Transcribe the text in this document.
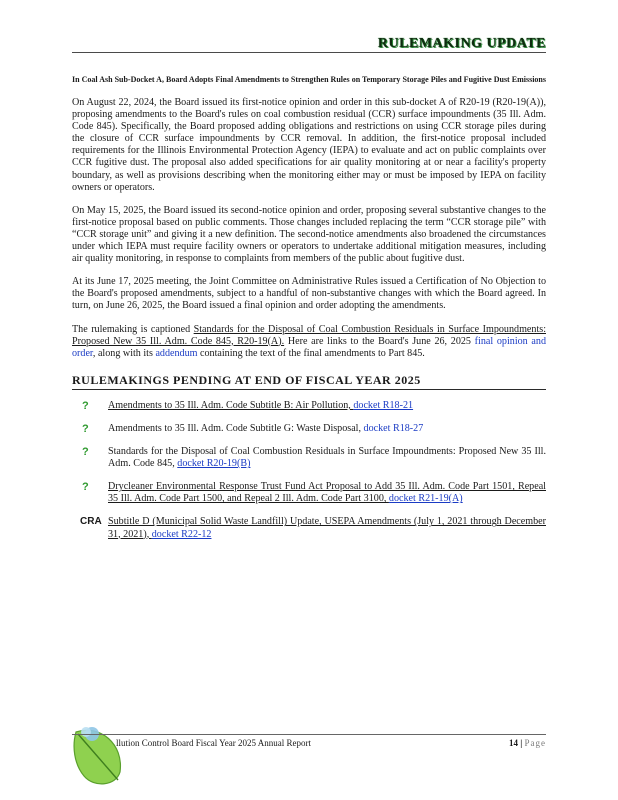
RULEMAKING UPDATE
In Coal Ash Sub-Docket A, Board Adopts Final Amendments to Strengthen Rules on Temporary Storage Piles and Fugitive Dust Emissions

On August 22, 2024, the Board issued its first-notice opinion and order in this sub-docket A of R20-19 (R20-19(A)), proposing amendments to the Board's rules on coal combustion residual (CCR) surface impoundments (35 Ill. Adm. Code 845). Specifically, the Board proposed adding obligations and restrictions on using CCR storage piles during the closure of CCR surface impoundments by CCR removal. In addition, the first-notice proposal included requirements for the Illinois Environmental Protection Agency (IEPA) to evaluate and act on public complaints over CCR fugitive dust. The proposal also added specifications for air quality monitoring at or near a facility's property boundary, as well as provisions describing when the monitoring either may or must be imposed by IEPA on facility owners or operators.

On May 15, 2025, the Board issued its second-notice opinion and order, proposing several substantive changes to the first-notice proposal based on public comments. Those changes included replacing the term “CCR storage pile” with “CCR storage unit” and giving it a new definition. The second-notice amendments also broadened the circumstances under which IEPA must require facility owners or operators to undertake additional mitigation measures, including air quality monitoring, in response to complaints from members of the public about fugitive dust.

At its June 17, 2025 meeting, the Joint Committee on Administrative Rules issued a Certification of No Objection to the Board's proposed amendments, subject to a handful of non-substantive changes with which the Board agreed. In turn, on June 26, 2025, the Board issued a final opinion and order adopting the amendments.

The rulemaking is captioned Standards for the Disposal of Coal Combustion Residuals in Surface Impoundments: Proposed New 35 Ill. Adm. Code 845, R20-19(A). Here are links to the Board's June 26, 2025 final opinion and order, along with its addendum containing the text of the final amendments to Part 845.

RULEMAKINGS PENDING AT END OF FISCAL YEAR 2025
? Amendments to 35 Ill. Adm. Code Subtitle B: Air Pollution, docket R18-21
? Amendments to 35 Ill. Adm. Code Subtitle G: Waste Disposal, docket R18-27
? Standards for the Disposal of Coal Combustion Residuals in Surface Impoundments: Proposed New 35 Ill. Adm. Code 845, docket R20-19(B)
? Drycleaner Environmental Response Trust Fund Act Proposal to Add 35 Ill. Adm. Code Part 1501, Repeal 35 Ill. Adm. Code Part 1500, and Repeal 2 Ill. Adm. Code Part 3100, docket R21-19(A)
CRA Subtitle D (Municipal Solid Waste Landfill) Update, USEPA Amendments (July 1, 2021 through December 31, 2021), docket R22-12
llution Control Board Fiscal Year 2025 Annual Report	14 | Page
